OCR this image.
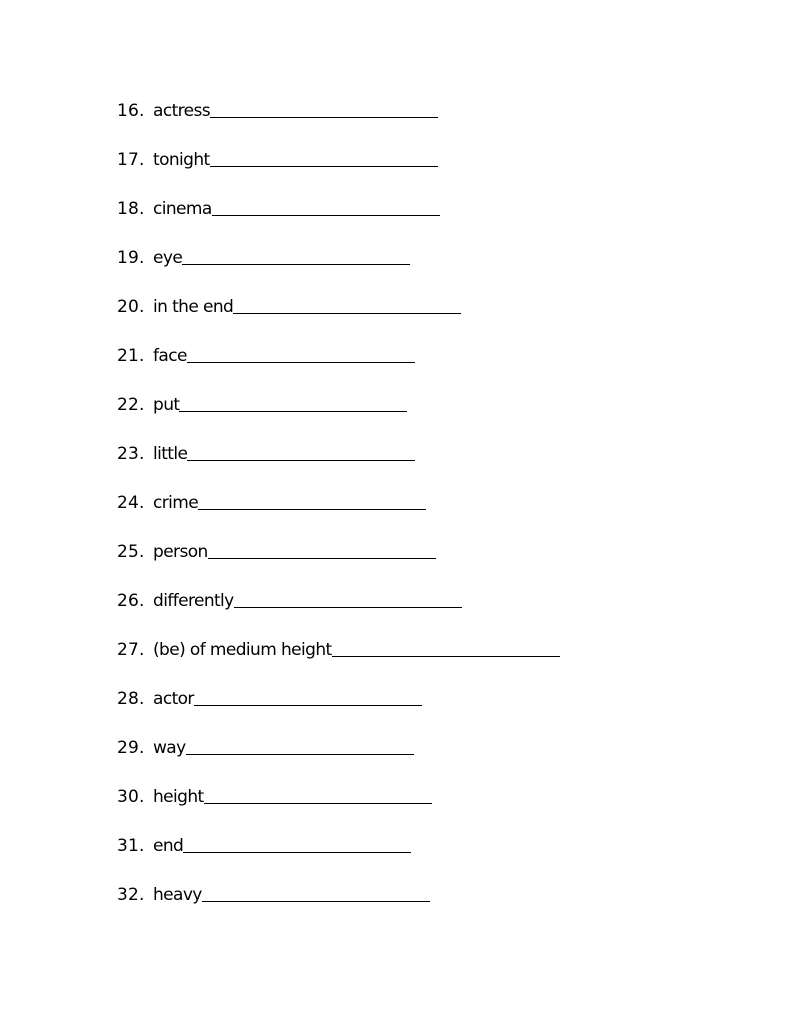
16. actress
17. tonight
18. cinema
19. eye
20. in the end
21. face
22. put
23. little
24. crime
25. person
26. differently
27. (be) of medium height
28. actor
29. way
30. height
31. end
32. heavy
